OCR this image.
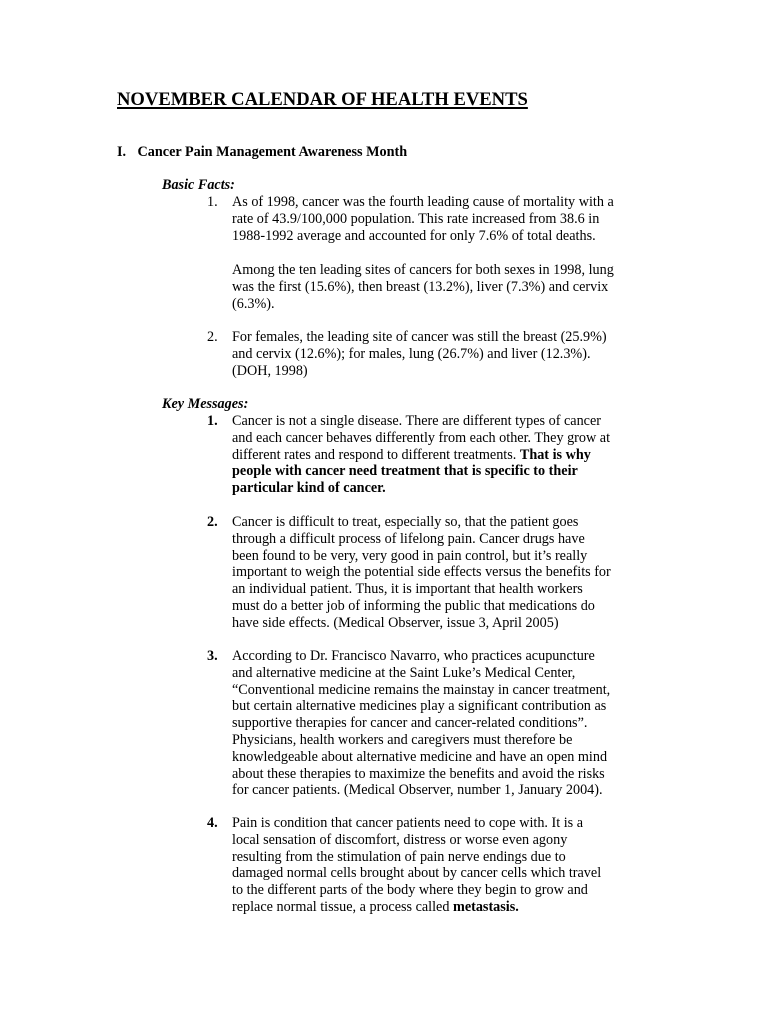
NOVEMBER CALENDAR OF HEALTH EVENTS
I. Cancer Pain Management Awareness Month

Basic Facts:

1.	As of 1998, cancer was the fourth leading cause of mortality with a
rate of 43.9/100,000 population. This rate increased from 38.6 in
1988-1992 average and accounted for only 7.6% of total deaths.

Among the ten leading sites of cancers for both sexes in 1998, lung
was the first (15.6%), then breast (13.2%), liver (7.3%) and cervix
(6.3%).

2.	For females, the leading site of cancer was still the breast (25.9%)
and cervix (12.6%); for males, lung (26.7%) and liver (12.3%).
(DOH, 1998)

Key Messages:

1.	Cancer is not a single disease. There are different types of cancer
and each cancer behaves differently from each other. They grow at
different rates and respond to different treatments. That is why
people with cancer need treatment that is specific to their
particular kind of cancer.

2.	Cancer is difficult to treat, especially so, that the patient goes
through a difficult process of lifelong pain. Cancer drugs have
been found to be very, very good in pain control, but it’s really
important to weigh the potential side effects versus the benefits for
an individual patient. Thus, it is important that health workers
must do a better job of informing the public that medications do
have side effects. (Medical Observer, issue 3, April 2005)

3.	According to Dr. Francisco Navarro, who practices acupuncture
and alternative medicine at the Saint Luke’s Medical Center,
“Conventional medicine remains the mainstay in cancer treatment,
but certain alternative medicines play a significant contribution as
supportive therapies for cancer and cancer-related conditions”.
Physicians, health workers and caregivers must therefore be
knowledgeable about alternative medicine and have an open mind
about these therapies to maximize the benefits and avoid the risks
for cancer patients. (Medical Observer, number 1, January 2004).

4.	Pain is condition that cancer patients need to cope with. It is a
local sensation of discomfort, distress or worse even agony
resulting from the stimulation of pain nerve endings due to
damaged normal cells brought about by cancer cells which travel
to the different parts of the body where they begin to grow and
replace normal tissue, a process called metastasis.
